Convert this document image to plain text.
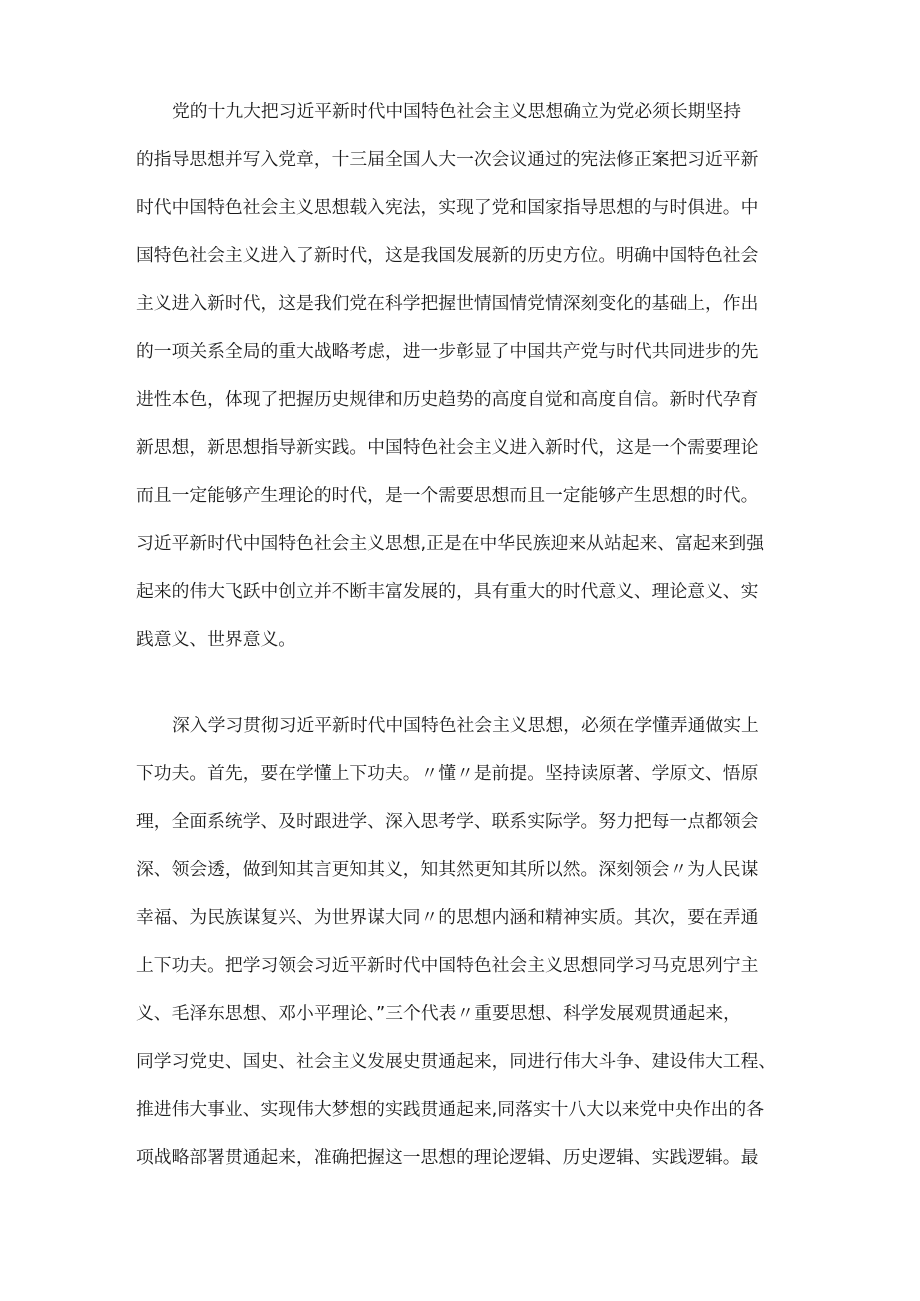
党的十九大把习近平新时代中国特色社会主义思想确立为党必须长期坚持
的指导思想并写入党章，十三届全国人大一次会议通过的宪法修正案把习近平新
时代中国特色社会主义思想载入宪法，实现了党和国家指导思想的与时俱进。中
国特色社会主义进入了新时代，这是我国发展新的历史方位。明确中国特色社会
主义进入新时代，这是我们党在科学把握世情国情党情深刻变化的基础上，作出
的一项关系全局的重大战略考虑，进一步彰显了中国共产党与时代共同进步的先
进性本色，体现了把握历史规律和历史趋势的高度自觉和高度自信。新时代孕育
新思想，新思想指导新实践。中国特色社会主义进入新时代，这是一个需要理论
而且一定能够产生理论的时代，是一个需要思想而且一定能够产生思想的时代。
习近平新时代中国特色社会主义思想,正是在中华民族迎来从站起来、富起来到强
起来的伟大飞跃中创立并不断丰富发展的，具有重大的时代意义、理论意义、实
践意义、世界意义。
深入学习贯彻习近平新时代中国特色社会主义思想，必须在学懂弄通做实上
下功夫。首先，要在学懂上下功夫。〃懂〃是前提。坚持读原著、学原文、悟原
理，全面系统学、及时跟进学、深入思考学、联系实际学。努力把每一点都领会
深、领会透，做到知其言更知其义，知其然更知其所以然。深刻领会〃为人民谋
幸福、为民族谋复兴、为世界谋大同〃的思想内涵和精神实质。其次，要在弄通
上下功夫。把学习领会习近平新时代中国特色社会主义思想同学习马克思列宁主
义、毛泽东思想、邓小平理论、”三个代表〃重要思想、科学发展观贯通起来，
同学习党史、国史、社会主义发展史贯通起来，同进行伟大斗争、建设伟大工程、
推进伟大事业、实现伟大梦想的实践贯通起来,同落实十八大以来党中央作出的各
项战略部署贯通起来，准确把握这一思想的理论逻辑、历史逻辑、实践逻辑。最
